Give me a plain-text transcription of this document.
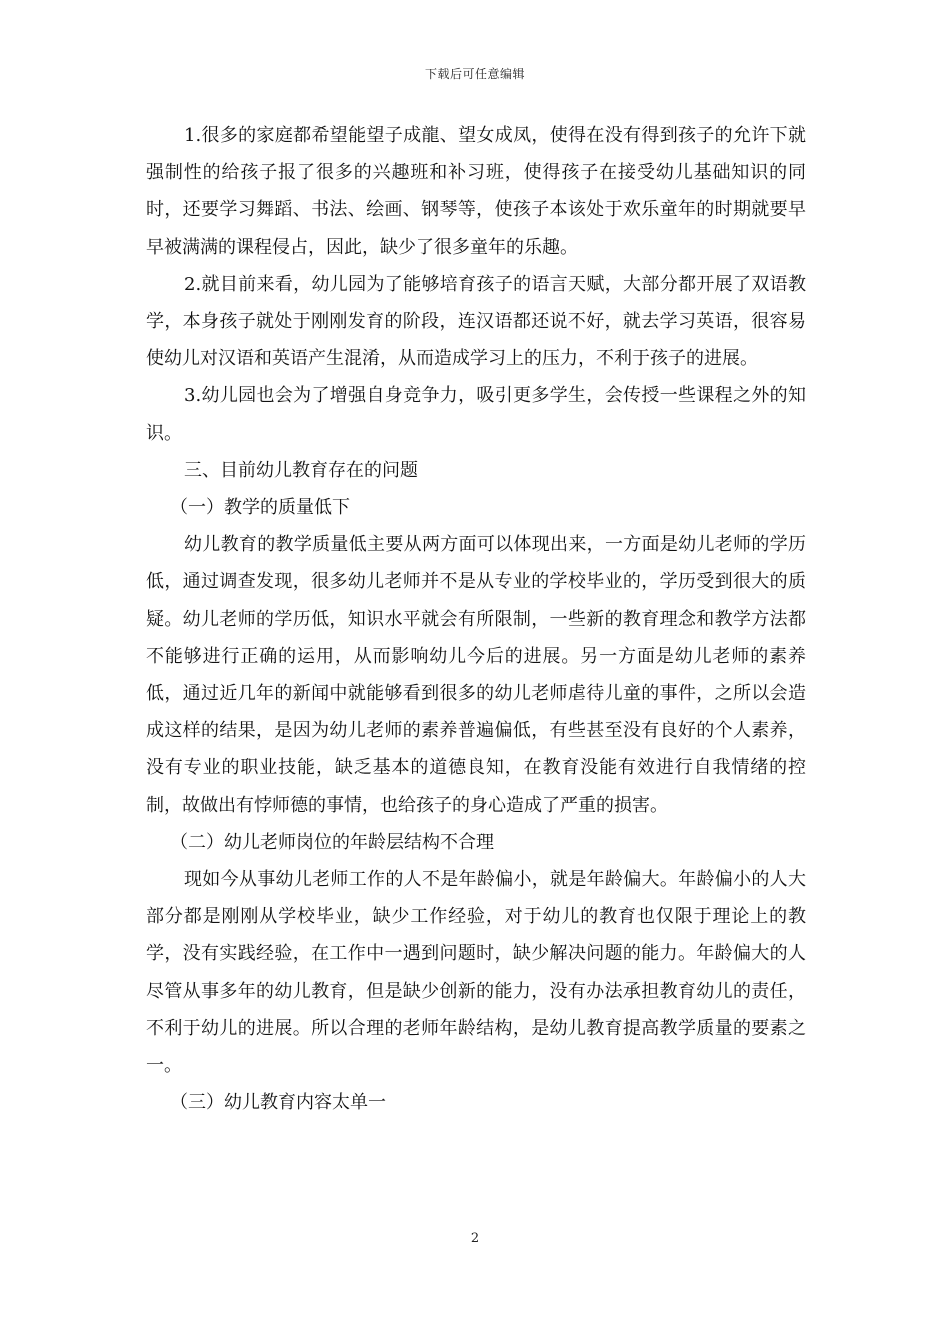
下载后可任意编辑

1.很多的家庭都希望能望子成龍、望女成凤，使得在没有得到孩子的允许下就强制性的给孩子报了很多的兴趣班和补习班，使得孩子在接受幼儿基础知识的同时，还要学习舞蹈、书法、绘画、钢琴等，使孩子本该处于欢乐童年的时期就要早早被满满的课程侵占，因此，缺少了很多童年的乐趣。

2.就目前来看，幼儿园为了能够培育孩子的语言天赋，大部分都开展了双语教学，本身孩子就处于刚刚发育的阶段，连汉语都还说不好，就去学习英语，很容易使幼儿对汉语和英语产生混淆，从而造成学习上的压力，不利于孩子的进展。

3.幼儿园也会为了增强自身竞争力，吸引更多学生，会传授一些课程之外的知识。

三、目前幼儿教育存在的问题

（一）教学的质量低下

幼儿教育的教学质量低主要从两方面可以体现出来，一方面是幼儿老师的学历低，通过调查发现，很多幼儿老师并不是从专业的学校毕业的，学历受到很大的质疑。幼儿老师的学历低，知识水平就会有所限制，一些新的教育理念和教学方法都不能够进行正确的运用，从而影响幼儿今后的进展。另一方面是幼儿老师的素养低，通过近几年的新闻中就能够看到很多的幼儿老师虐待儿童的事件，之所以会造成这样的结果，是因为幼儿老师的素养普遍偏低，有些甚至没有良好的个人素养，没有专业的职业技能，缺乏基本的道德良知，在教育没能有效进行自我情绪的控制，故做出有悖师德的事情，也给孩子的身心造成了严重的损害。

（二）幼儿老师岗位的年龄层结构不合理

现如今从事幼儿老师工作的人不是年龄偏小，就是年龄偏大。年龄偏小的人大部分都是刚刚从学校毕业，缺少工作经验，对于幼儿的教育也仅限于理论上的教学，没有实践经验，在工作中一遇到问题时，缺少解决问题的能力。年龄偏大的人尽管从事多年的幼儿教育，但是缺少创新的能力，没有办法承担教育幼儿的责任，不利于幼儿的进展。所以合理的老师年龄结构，是幼儿教育提高教学质量的要素之一。

（三）幼儿教育内容太单一

2
